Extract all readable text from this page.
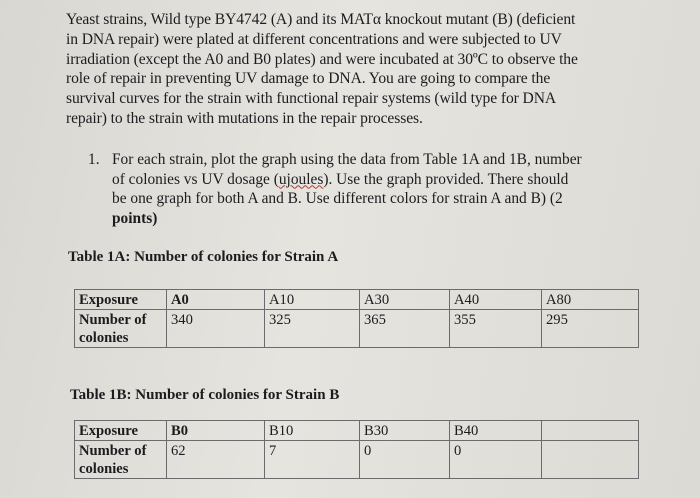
Yeast strains, Wild type BY4742 (A) and its MATα knockout mutant (B) (deficient
in DNA repair) were plated at different concentrations and were subjected to UV
irradiation (except the A0 and B0 plates) and were incubated at 30ºC to observe the
role of repair in preventing UV damage to DNA. You are going to compare the
survival curves for the strain with functional repair systems (wild type for DNA
repair) to the strain with mutations in the repair processes.
1. For each strain, plot the graph using the data from Table 1A and 1B, number
of colonies vs UV dosage (ujoules). Use the graph provided. There should
be one graph for both A and B. Use different colors for strain A and B) (2
points)
Table 1A: Number of colonies for Strain A
Exposure	A0	A10	A30	A40	A80
Number of
colonies	340	325	365	355	295
Table 1B: Number of colonies for Strain B
Exposure	B0	B10	B30	B40	
Number of
colonies	62	7	0	0	
